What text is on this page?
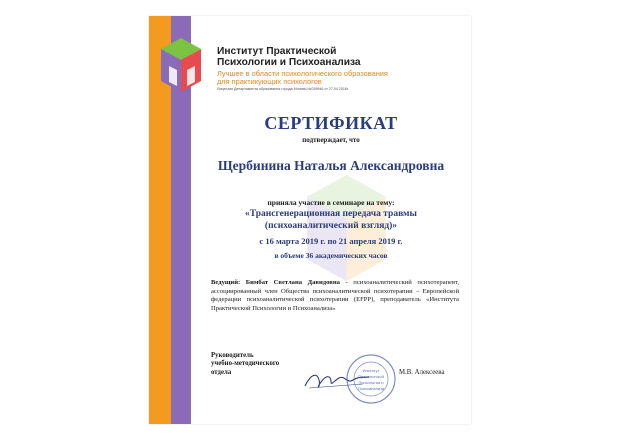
Институт Практической
Психологии и Психоанализа
Лучшее в области психологического образования
для практикующих психологов
Лицензия Департамента образования города Москвы №039946 от 27.04.2016г.
СЕРТИФИКАТ
подтверждает, что
Щербинина Наталья Александровна
приняла участие в семинаре на тему:
«Трансгенерационная передача травмы
(психоаналитический взгляд)»
с 16 марта 2019 г. по 21 апреля 2019 г.
в объеме 36 академических часов
Ведущий: Бимбат Светлана Давидовна - психоаналитический психотерапевт, ассоциированный член Общества психоаналитической психотерапии – Европейской федерации психоаналитической психотерапии (EFPP), преподаватель «Института Практической Психологии и Психоанализа»
Руководитель
учебно-методического
отдела	Институт
Практической
Психологии и
Психоанализа
М.В. Алексеева
